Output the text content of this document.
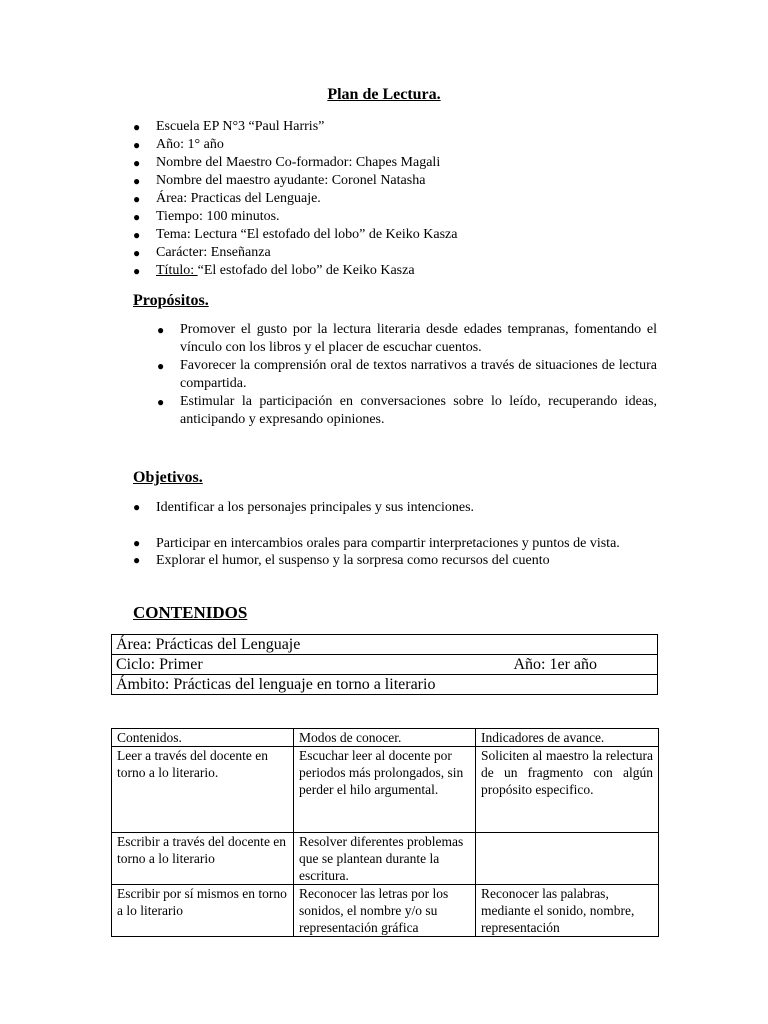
Plan de Lectura.
● Escuela EP N°3 “Paul Harris”
● Año: 1° año
● Nombre del Maestro Co-formador: Chapes Magali
● Nombre del maestro ayudante: Coronel Natasha
● Área: Practicas del Lenguaje.
● Tiempo: 100 minutos.
● Tema: Lectura “El estofado del lobo” de Keiko Kasza
● Carácter: Enseñanza
● Título: “El estofado del lobo” de Keiko Kasza
Propósitos.
● Promover el gusto por la lectura literaria desde edades tempranas, fomentando el vínculo con los libros y el placer de escuchar cuentos.
● Favorecer la comprensión oral de textos narrativos a través de situaciones de lectura compartida.
● Estimular la participación en conversaciones sobre lo leído, recuperando ideas, anticipando y expresando opiniones.
Objetivos.
● Identificar a los personajes principales y sus intenciones.
● Participar en intercambios orales para compartir interpretaciones y puntos de vista.
● Explorar el humor, el suspenso y la sorpresa como recursos del cuento
CONTENIDOS
Área: Prácticas del Lenguaje
Ciclo: Primer	Año: 1er año

Ámbito: Prácticas del lenguaje en torno a literario
Contenidos.	Modos de conocer.	Indicadores de avance.
Leer a través del docente en torno a lo literario.	Escuchar leer al docente por periodos más prolongados, sin perder el hilo argumental.	Soliciten al maestro la relectura de un fragmento con algún propósito especifico.
Escribir a través del docente en torno a lo literario	Resolver diferentes problemas que se plantean durante la escritura.	
Escribir por sí mismos en torno a lo literario	Reconocer las letras por los sonidos, el nombre y/o su representación gráfica	Reconocer las palabras, mediante el sonido, nombre, representación
